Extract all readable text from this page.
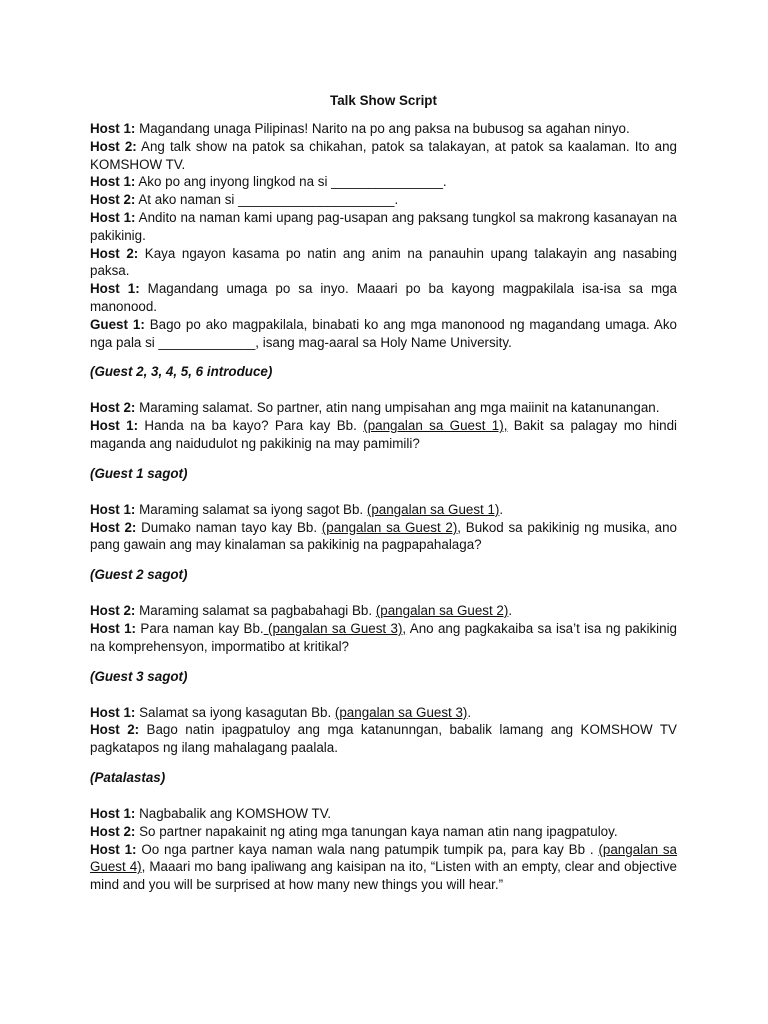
Talk Show Script
Host 1: Magandang unaga Pilipinas! Narito na po ang paksa na bubusog sa agahan ninyo.
Host 2: Ang talk show na patok sa chikahan, patok sa talakayan, at patok sa kaalaman. Ito ang KOMSHOW TV.
Host 1: Ako po ang inyong lingkod na si _______________.
Host 2: At ako naman si _____________________.
Host 1: Andito na naman kami upang pag-usapan ang paksang tungkol sa makrong kasanayan na pakikinig.
Host 2: Kaya ngayon kasama po natin ang anim na panauhin upang talakayin ang nasabing paksa.
Host 1: Magandang umaga po sa inyo. Maaari po ba kayong magpakilala isa-isa sa mga manonood.
Guest 1: Bago po ako magpakilala, binabati ko ang mga manonood ng magandang umaga. Ako nga pala si _____________, isang mag-aaral sa Holy Name University.
(Guest 2, 3, 4, 5, 6 introduce)
Host 2: Maraming salamat. So partner, atin nang umpisahan ang mga maiinit na katanunangan.
Host 1: Handa na ba kayo? Para kay Bb. (pangalan sa Guest 1), Bakit sa palagay mo hindi maganda ang naidudulot ng pakikinig na may pamimili?
(Guest 1 sagot)
Host 1: Maraming salamat sa iyong sagot Bb. (pangalan sa Guest 1).
Host 2: Dumako naman tayo kay Bb. (pangalan sa Guest 2), Bukod sa pakikinig ng musika, ano pang gawain ang may kinalaman sa pakikinig na pagpapahalaga?
(Guest 2 sagot)
Host 2: Maraming salamat sa pagbabahagi Bb. (pangalan sa Guest 2).
Host 1: Para naman kay Bb. (pangalan sa Guest 3), Ano ang pagkakaiba sa isa’t isa ng pakikinig na komprehensyon, impormatibo at kritikal?
(Guest 3 sagot)
Host 1: Salamat sa iyong kasagutan Bb. (pangalan sa Guest 3).
Host 2: Bago natin ipagpatuloy ang mga katanunngan, babalik lamang ang KOMSHOW TV pagkatapos ng ilang mahalagang paalala.
(Patalastas)
Host 1: Nagbabalik ang KOMSHOW TV.
Host 2: So partner napakainit ng ating mga tanungan kaya naman atin nang ipagpatuloy.
Host 1: Oo nga partner kaya naman wala nang patumpik tumpik pa, para kay Bb . (pangalan sa Guest 4), Maaari mo bang ipaliwang ang kaisipan na ito, “Listen with an empty, clear and objective mind and you will be surprised at how many new things you will hear.”
